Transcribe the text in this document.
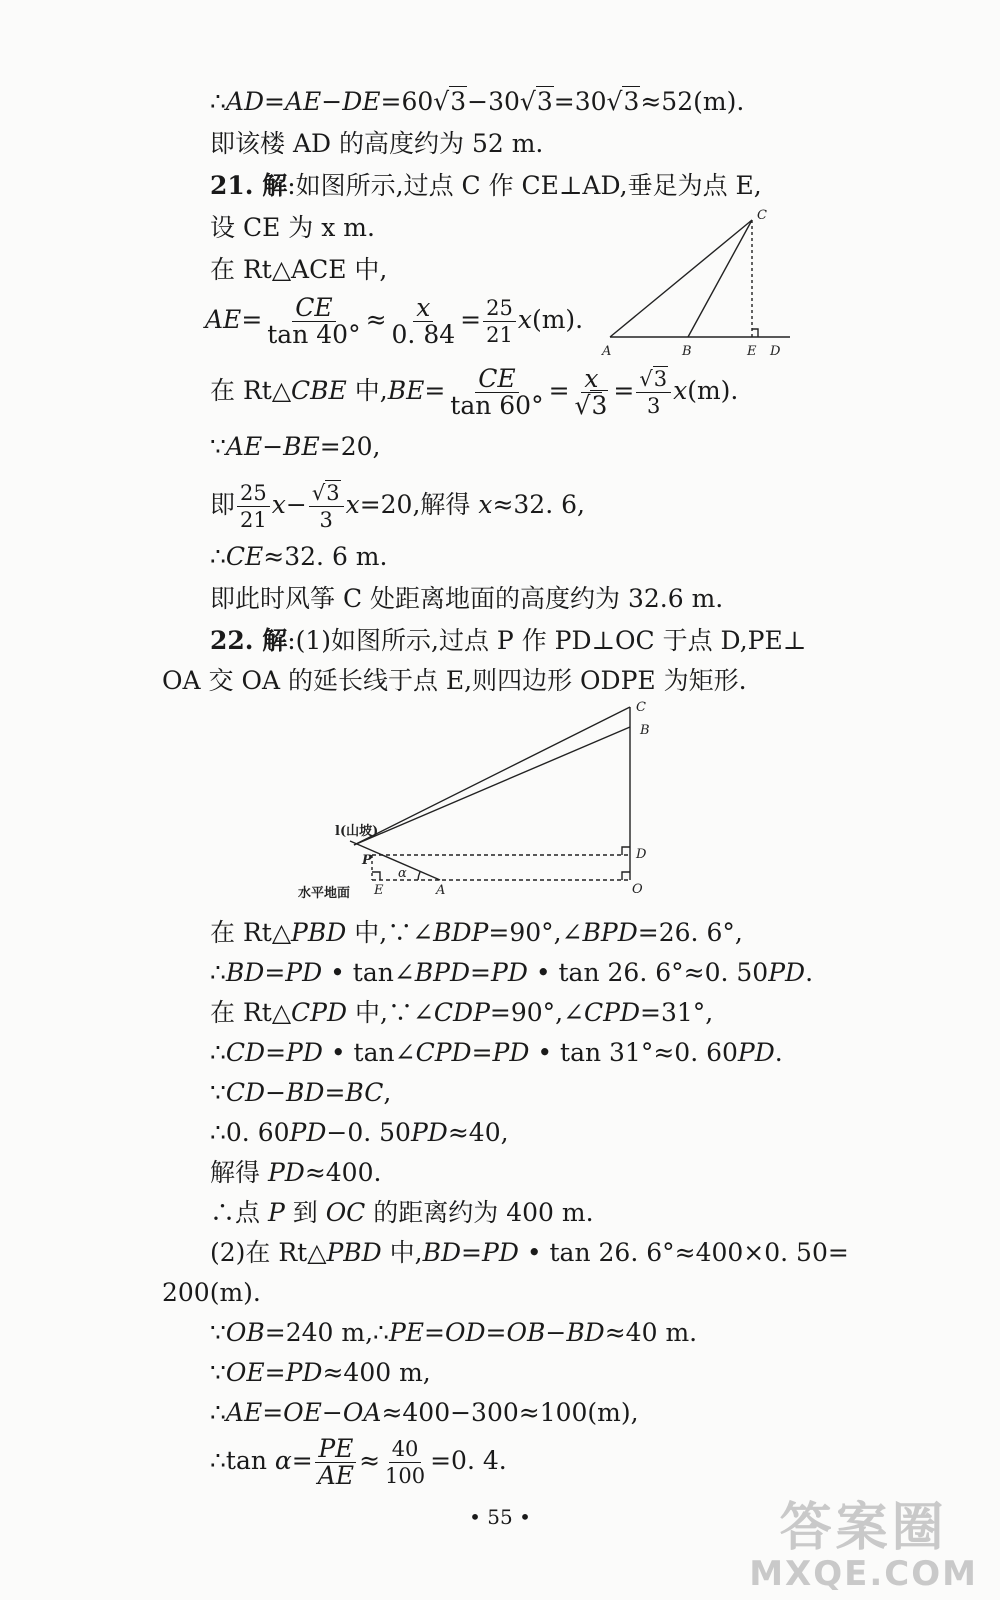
∴AD=AE−DE=60√3−30√3=30√3≈52(m).
即该楼 AD 的高度约为 52 m.
21. 解:如图所示,过点 C 作 CE⊥AD,垂足为点 E,
设 CE 为 x m.
在 Rt△ACE 中,
$AE= \frac{CE}{\tan 40^\circ} \approx \frac{x}{0. 84} = \frac{25}{21} x(m)$.
在 Rt△CBE 中$,BE= \frac{CE}{\tan 60^\circ} = \frac{x}{√3} = \frac{√3}{3} x(m)$.
∵AE−BE=20,
即 $\frac{25}{21} x- \frac{√3}{3} x=20$,解得 x≈32. 6,
∴CE≈32. 6 m.
即此时风筝 C 处距离地面的高度约为 32.6 m.
22. 解:(1)如图所示,过点 P 作 PD⊥OC 于点 D,PE⊥
OA 交 OA 的延长线于点 E,则四边形 ODPE 为矩形.
C
A	B	E D
C
B
D
O
A
E
P
α
l(山坡)
水平地面
在 Rt△PBD 中,∵∠BDP=90°,∠BPD=26. 6°,
∴BD=PD • tan∠BPD=PD • tan 26. 6°≈0. 50PD.
在 Rt△CPD 中,∵∠CDP=90°,∠CPD=31°,
∴CD=PD • tan∠CPD=PD • tan 31°≈0. 60PD.
∵CD−BD=BC,
∴0. 60PD−0. 50PD≈40,
解得 PD≈400.
∴点 P 到 OC 的距离约为 400 m.
(2)在 Rt△PBD 中,BD=PD • tan 26. 6°≈400×0. 50=
200(m).
∵OB=240 m,∴PE=OD=OB−BD≈40 m.
∵OE=PD≈400 m,
∴AE=OE−OA≈400−300≈100(m),
∴tan $\alpha= \frac{PE}{AE} \approx \frac{40}{100} =0$. 4.
• 55 •	答案圈
MXQE.COM
